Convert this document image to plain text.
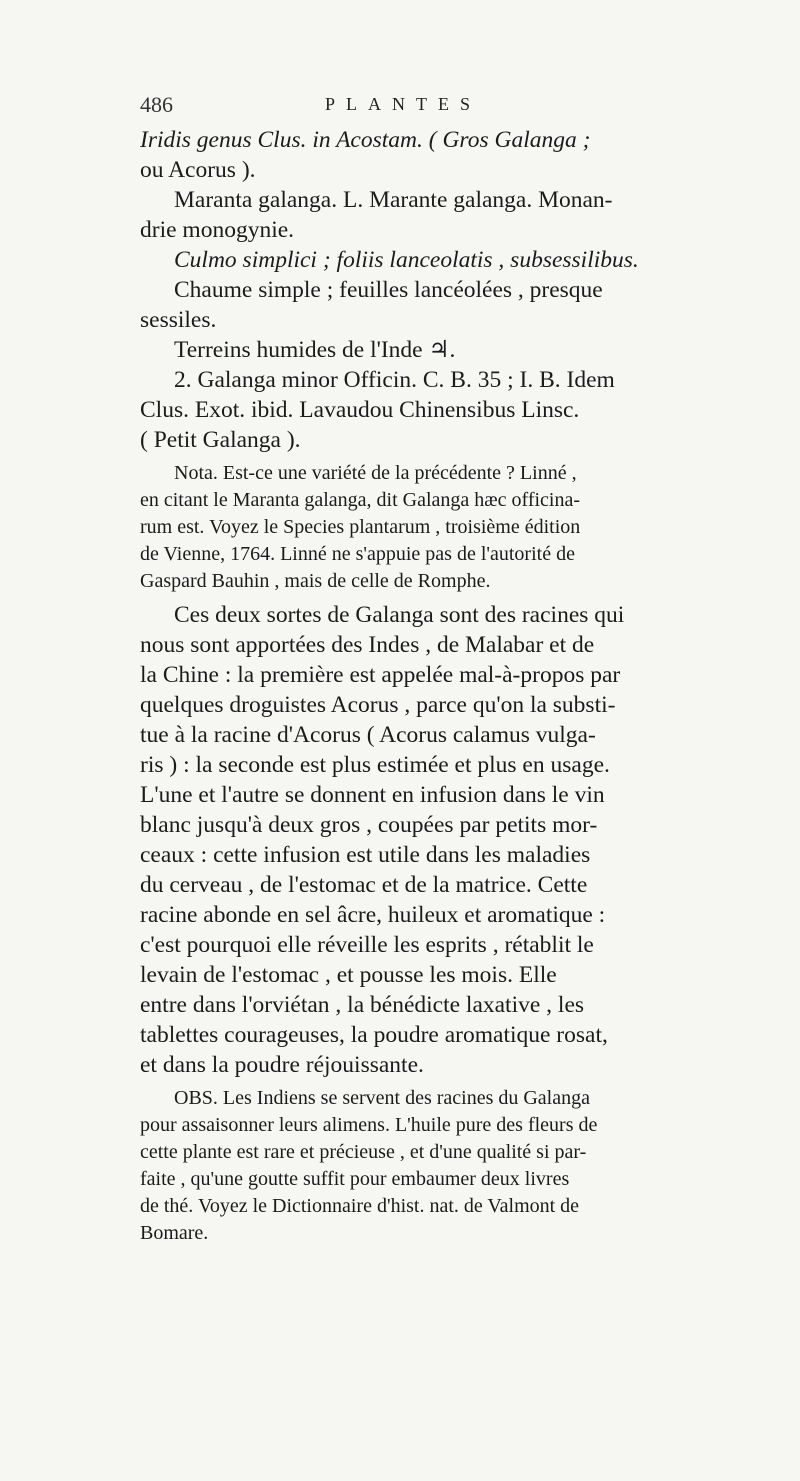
486	PLANTES
Iridis genus Clus. in Acostam. ( Gros Galanga ;
ou Acorus ).
Maranta galanga. L. Marante galanga. Monan-
drie monogynie.
Culmo simplici ; foliis lanceolatis , subsessilibus.
Chaume simple ; feuilles lancéolées , presque
sessiles.
Terreins humides de l'Inde ♃.
2. Galanga minor Officin. C. B. 35 ; I. B. Idem
Clus. Exot. ibid. Lavaudou Chinensibus Linsc.
( Petit Galanga ).
Nota. Est-ce une variété de la précédente ? Linné ,
en citant le Maranta galanga, dit Galanga hæc officina-
rum est. Voyez le Species plantarum , troisième édition
de Vienne, 1764. Linné ne s'appuie pas de l'autorité de
Gaspard Bauhin , mais de celle de Romphe.
Ces deux sortes de Galanga sont des racines qui
nous sont apportées des Indes , de Malabar et de
la Chine : la première est appelée mal-à-propos par
quelques droguistes Acorus , parce qu'on la substi-
tue à la racine d'Acorus ( Acorus calamus vulga-
ris ) : la seconde est plus estimée et plus en usage.
L'une et l'autre se donnent en infusion dans le vin
blanc jusqu'à deux gros , coupées par petits mor-
ceaux : cette infusion est utile dans les maladies
du cerveau , de l'estomac et de la matrice. Cette
racine abonde en sel âcre, huileux et aromatique :
c'est pourquoi elle réveille les esprits , rétablit le
levain de l'estomac , et pousse les mois. Elle
entre dans l'orviétan , la bénédicte laxative , les
tablettes courageuses, la poudre aromatique rosat,
et dans la poudre réjouissante.
OBS. Les Indiens se servent des racines du Galanga
pour assaisonner leurs alimens. L'huile pure des fleurs de
cette plante est rare et précieuse , et d'une qualité si par-
faite , qu'une goutte suffit pour embaumer deux livres
de thé. Voyez le Dictionnaire d'hist. nat. de Valmont de
Bomare.
